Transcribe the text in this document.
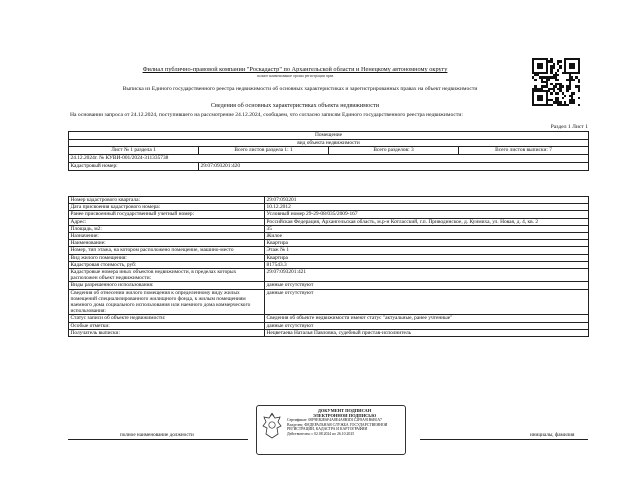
Филиал публично-правовой компании "Роскадастр" по Архангельской области и Ненецкому автономному округу
полное наименование органа регистрации прав
Выписка из Единого государственного реестра недвижимости об основных характеристиках и зарегистрированных правах на объект недвижимости
Сведения об основных характеристиках объекта недвижимости
На основании запроса от 24.12.2024, поступившего на рассмотрение 24.12.2024, сообщаем, что согласно записям Единого государственного реестра недвижимости:
Раздел 1 Лист 1
Помещение			
вид объекта недвижимости			
Лист № 1 раздела 1	Всего листов раздела 1: 1	Всего разделов: 3	Всего листов выписки: 7
24.12.2024г. № КУВИ-001/2024-311335738			
Кадастровый номер:	29:07:093201:420		
Номер кадастрового квартала:	29:07:093201
Дата присвоения кадастрового номера:	10.12.2012
Ранее присвоенный государственный учетный номер:	Условный номер 29-29-08/035/2009-167
Адрес:	Российская Федерация, Архангельская область, м.р-н Котласский, г.п. Приводинское, д. Куимиха, ул. Новая, д. 4, кв. 2
Площадь, м2:	35
Назначение:	Жилое
Наименование:	Квартира
Номер, тип этажа, на котором расположено помещение, машино-место	Этаж № 1
Вид жилого помещения:	Квартира
Кадастровая стоимость, руб:	817543.3
Кадастровые номера иных объектов недвижимости, в пределах которых расположен объект недвижимости:	29:07:093201:421
Виды разрешенного использования:	данные отсутствуют
Сведения об отнесении жилого помещения к определенному виду жилых помещений специализированного жилищного фонда, к жилым помещениям наемного дома социального использования или наемного дома коммерческого использования:	данные отсутствуют
Статус записи об объекте недвижимости:	Сведения об объекте недвижимости имеют статус "актуальные, ранее учтенные"
Особые отметки:	данные отсутствуют
Получатель выписки:	Нецветаева Наталья Павловна, судебный пристав-исполнитель
ДОКУМЕНТ ПОДПИСАН
ЭЛЕКТРОННОЙ ПОДПИСЬЮ
Сертификат: 00F9EB2E6F4A8E4A8B3D1C2F8A91B6E0A7
Владелец: ФЕДЕРАЛЬНАЯ СЛУЖБА ГОСУДАРСТВЕННОЙ
РЕГИСТРАЦИИ, КАДАСТРА И КАРТОГРАФИИ
Действителен: с 02.08.2024 по 26.10.2025
полное наименование должности	инициалы, фамилия
